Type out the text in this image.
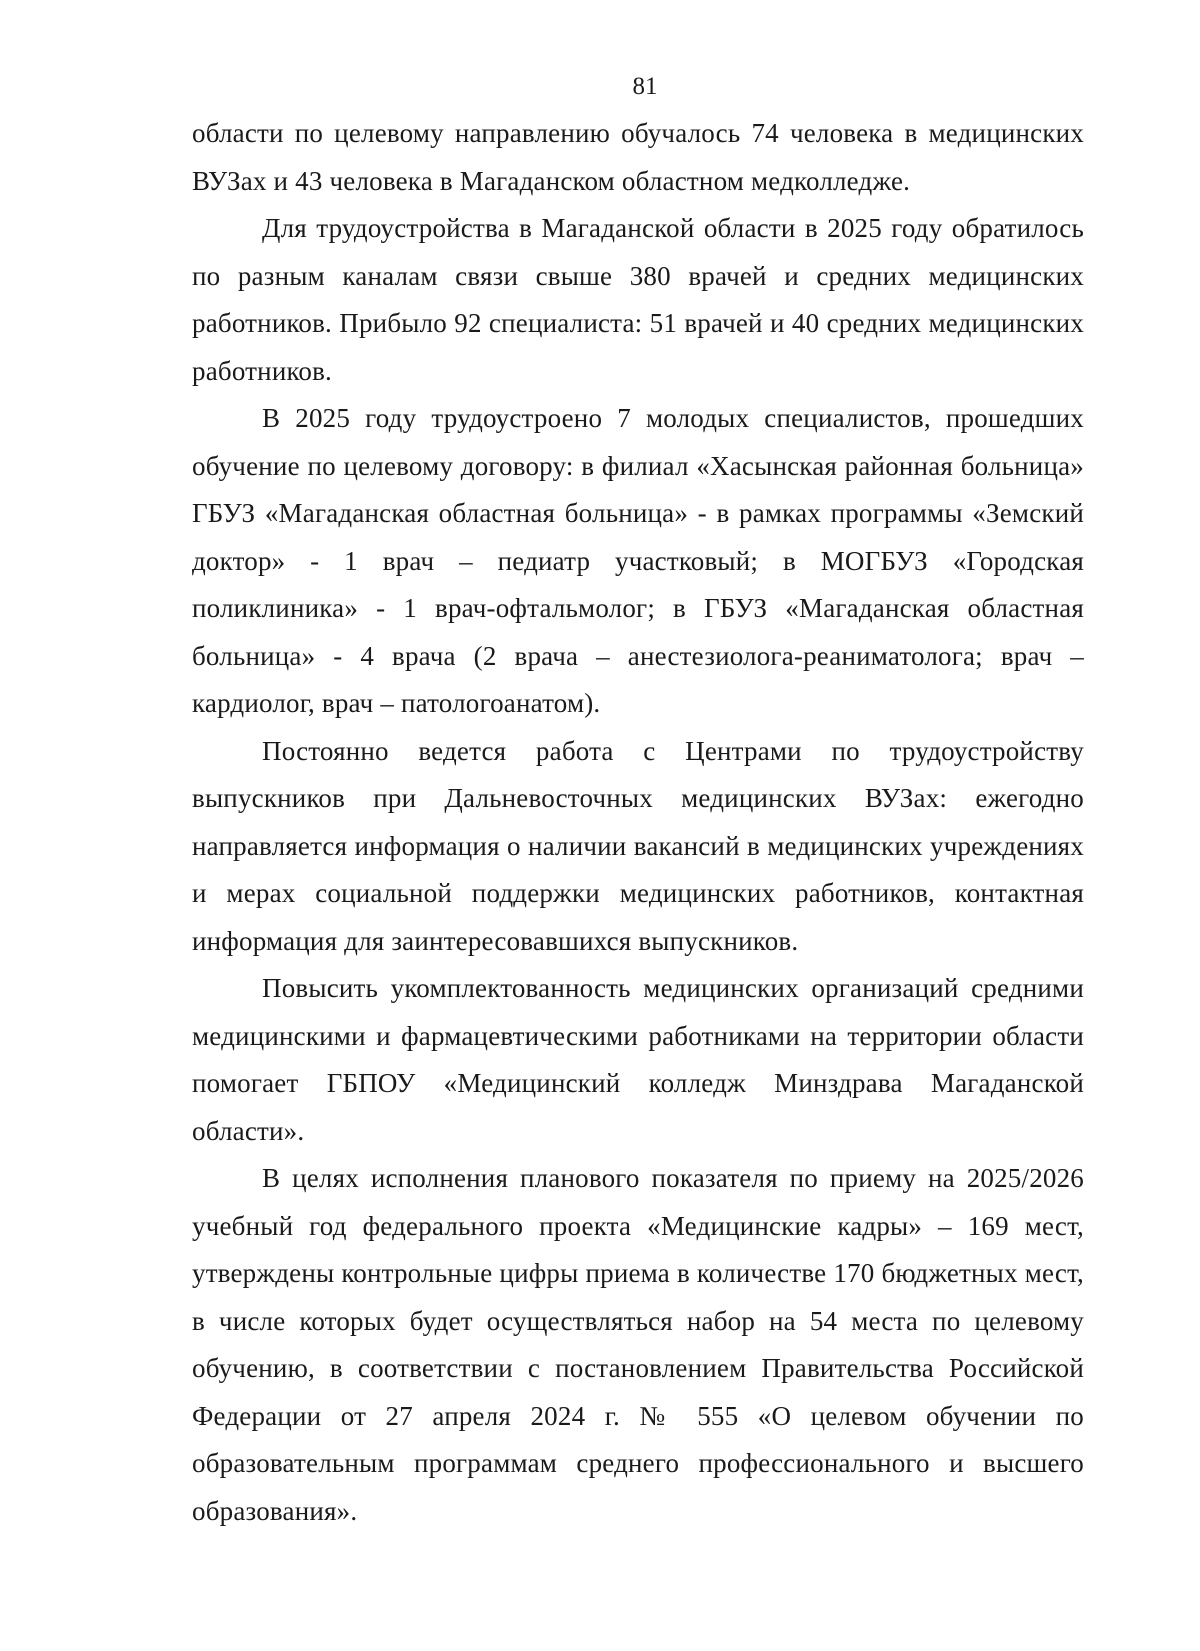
81

области по целевому направлению обучалось 74 человека в медицинских ВУЗах и 43 человека в Магаданском областном медколледже.

Для трудоустройства в Магаданской области в 2025 году обратилось по разным каналам связи свыше 380 врачей и средних медицинских работников. Прибыло 92 специалиста: 51 врачей и 40 средних медицинских работников.

В 2025 году трудоустроено 7 молодых специалистов, прошедших обучение по целевому договору: в филиал «Хасынская районная больница» ГБУЗ «Магаданская областная больница» - в рамках программы «Земский доктор» - 1 врач – педиатр участковый; в МОГБУЗ «Городская поликлиника» - 1 врач-офтальмолог; в ГБУЗ «Магаданская областная больница» - 4 врача (2 врача – анестезиолога-реаниматолога; врач – кардиолог, врач – патологоанатом).

Постоянно ведется работа с Центрами по трудоустройству выпускников при Дальневосточных медицинских ВУЗах: ежегодно направляется информация о наличии вакансий в медицинских учреждениях и мерах социальной поддержки медицинских работников, контактная информация для заинтересовавшихся выпускников.

Повысить укомплектованность медицинских организаций средними медицинскими и фармацевтическими работниками на территории области помогает ГБПОУ «Медицинский колледж Минздрава Магаданской области».

В целях исполнения планового показателя по приему на 2025/2026 учебный год федерального проекта «Медицинские кадры» – 169 мест, утверждены контрольные цифры приема в количестве 170 бюджетных мест, в числе которых будет осуществляться набор на 54 места по целевому обучению, в соответствии с постановлением Правительства Российской Федерации от 27 апреля 2024 г. № 555 «О целевом обучении по образовательным программам среднего профессионального и высшего образования».
